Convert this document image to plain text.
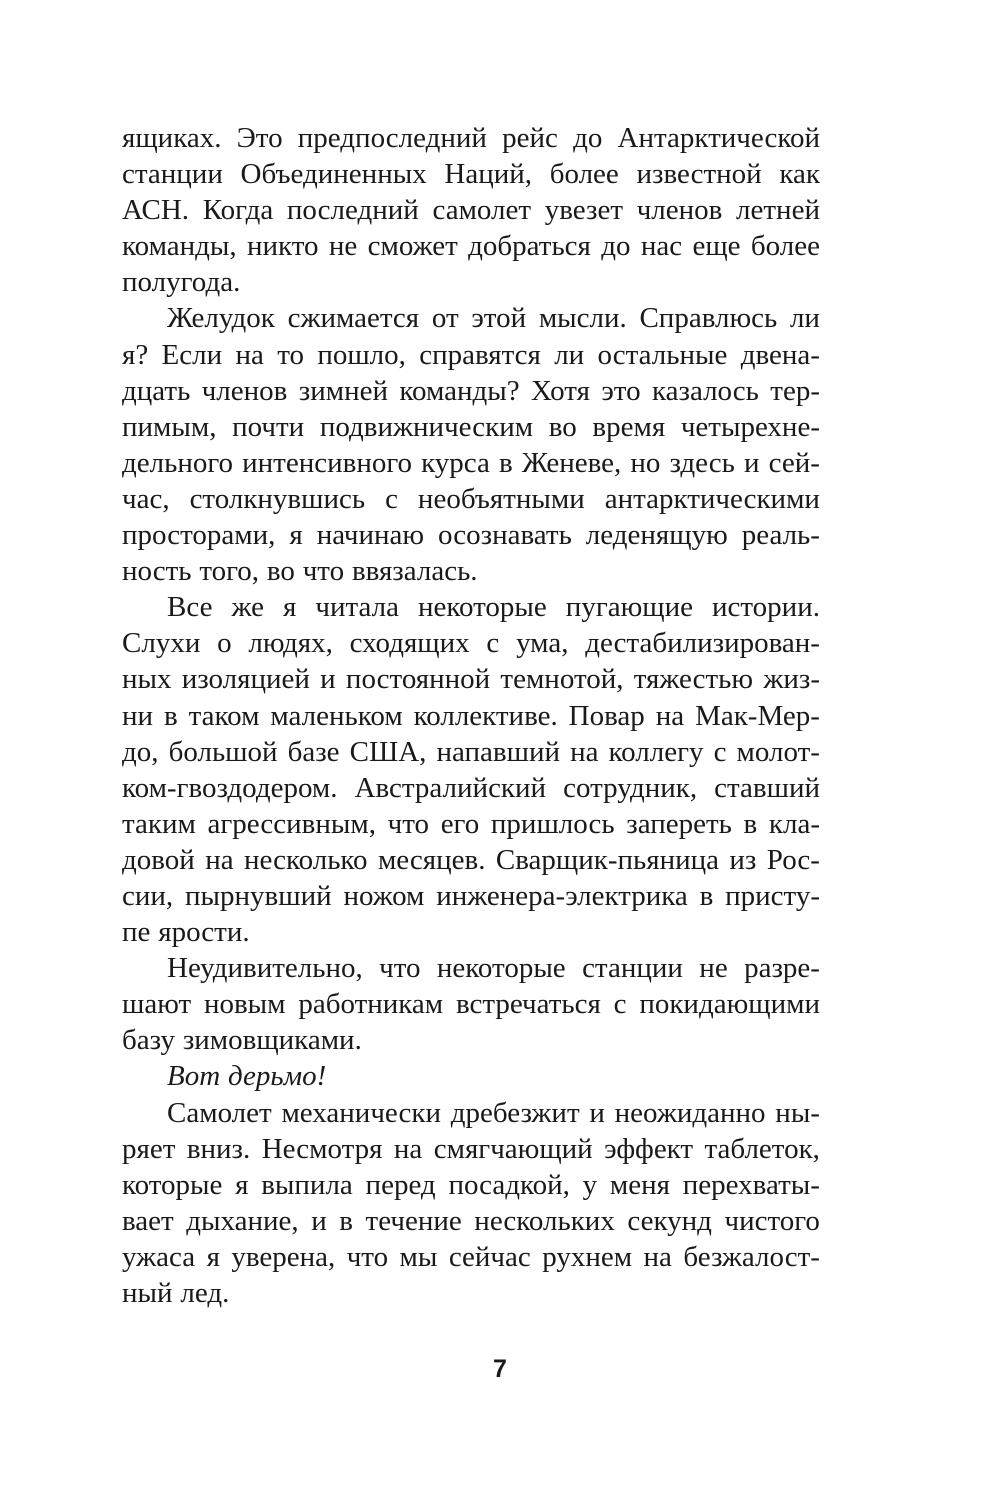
ящиках. Это предпоследний рейс до Антарктической
станции Объединенных Наций, более известной как
АСН. Когда последний самолет увезет членов летней
команды, никто не сможет добраться до нас еще более
полугода.
Желудок сжимается от этой мысли. Справлюсь ли
я? Если на то пошло, справятся ли остальные двена-
дцать членов зимней команды? Хотя это казалось тер-
пимым, почти подвижническим во время четырехне-
дельного интенсивного курса в Женеве, но здесь и сей-
час, столкнувшись с необъятными антарктическими
просторами, я начинаю осознавать леденящую реаль-
ность того, во что ввязалась.
Все же я читала некоторые пугающие истории.
Слухи о людях, сходящих с ума, дестабилизирован-
ных изоляцией и постоянной темнотой, тяжестью жиз-
ни в таком маленьком коллективе. Повар на Мак-Мер-
до, большой базе США, напавший на коллегу с молот-
ком-гвоздодером. Австралийский сотрудник, ставший
таким агрессивным, что его пришлось запереть в кла-
довой на несколько месяцев. Сварщик-пьяница из Рос-
сии, пырнувший ножом инженера-электрика в присту-
пе ярости.
Неудивительно, что некоторые станции не разре-
шают новым работникам встречаться с покидающими
базу зимовщиками.
Вот дерьмо!
Самолет механически дребезжит и неожиданно ны-
ряет вниз. Несмотря на смягчающий эффект таблеток,
которые я выпила перед посадкой, у меня перехваты-
вает дыхание, и в течение нескольких секунд чистого
ужаса я уверена, что мы сейчас рухнем на безжалост-
ный лед.
7
